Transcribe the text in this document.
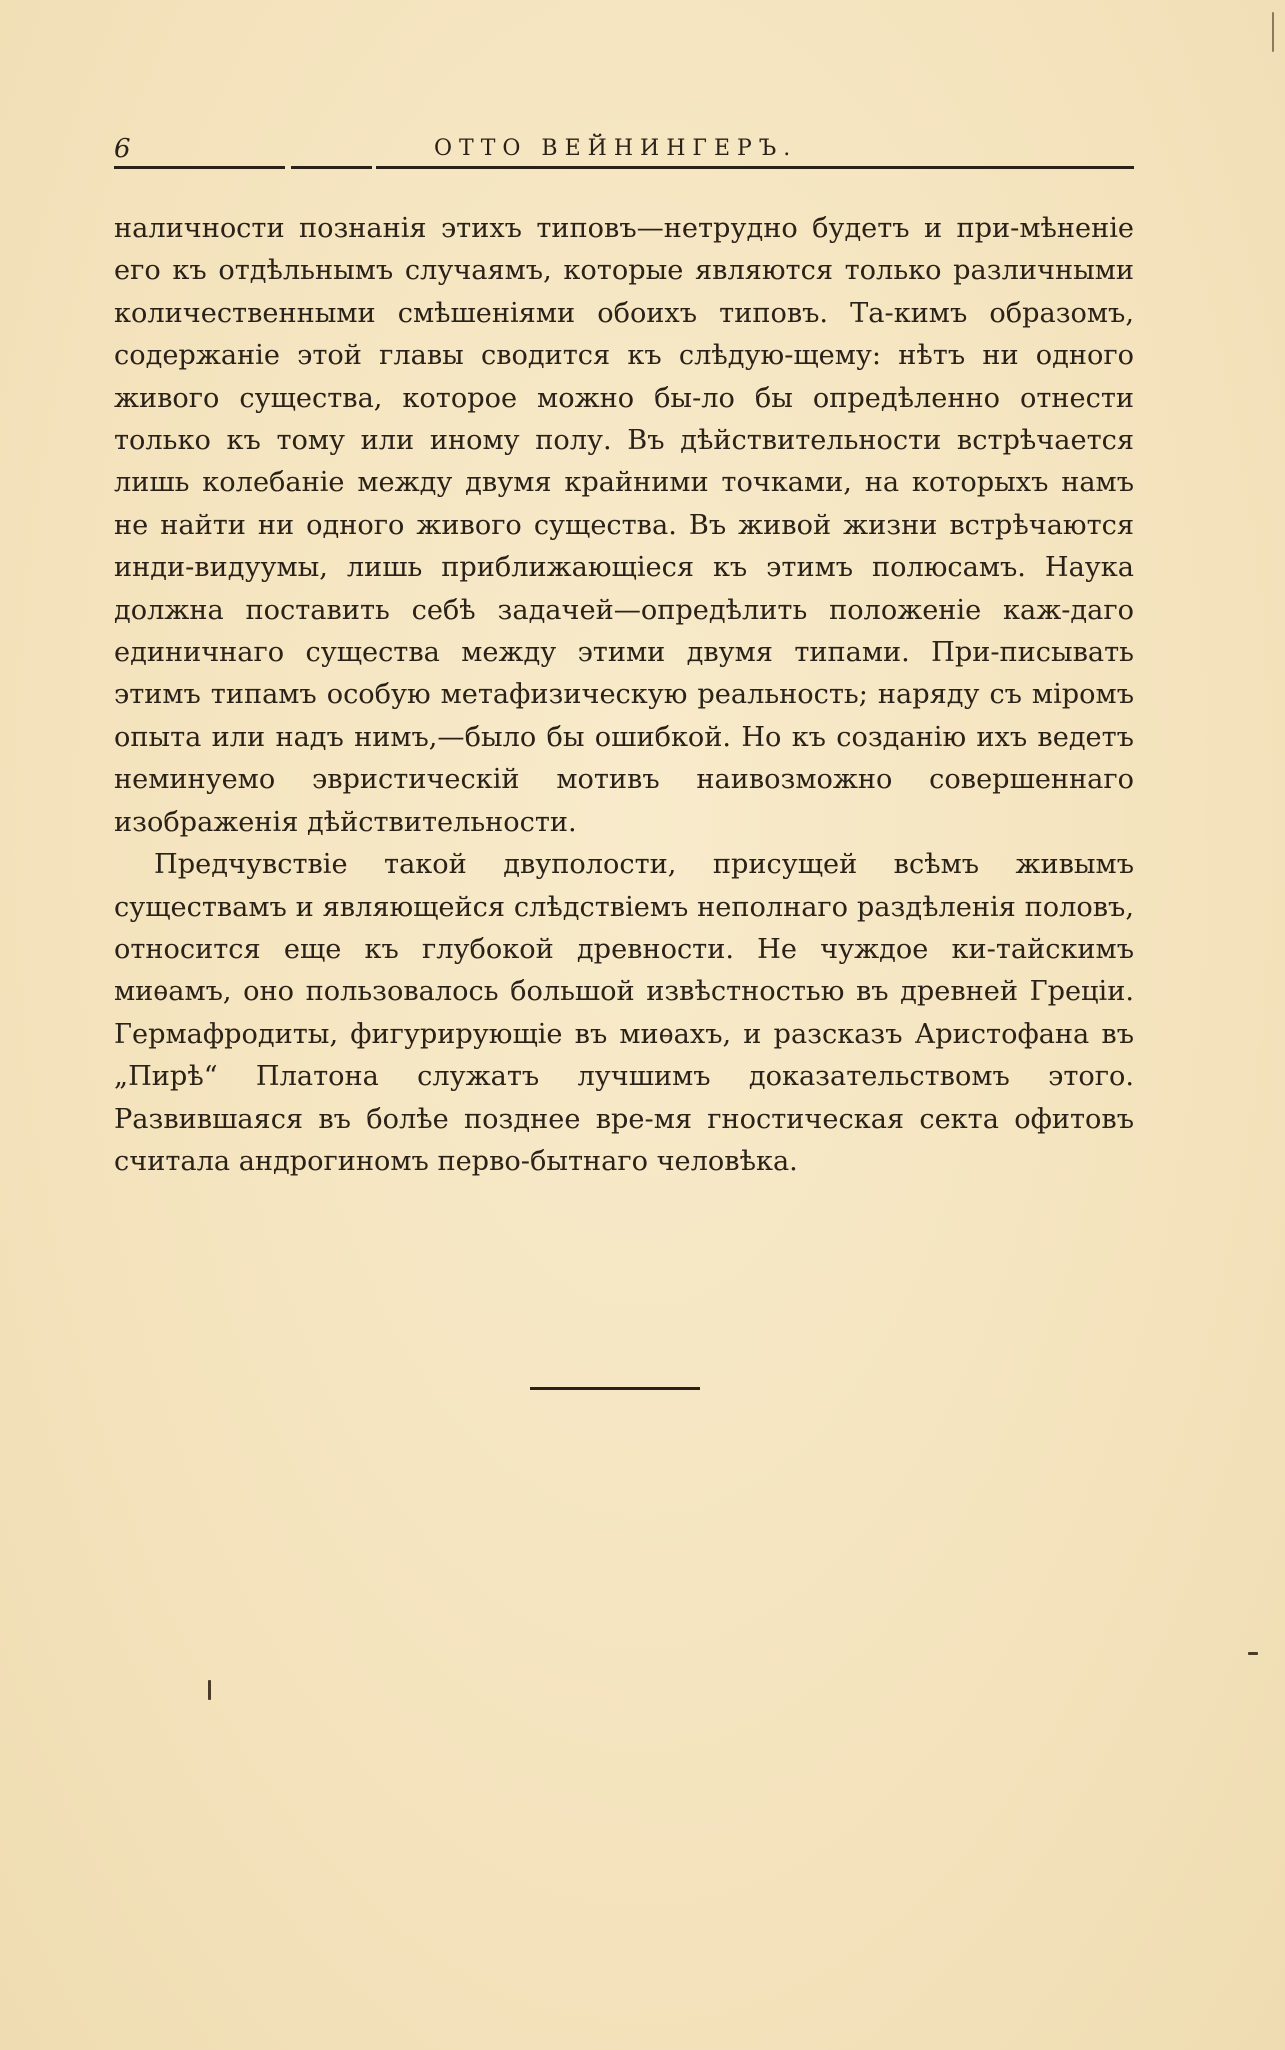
6	ОТТО ВЕЙНИНГЕРЪ.

наличности познанія этихъ типовъ—нетрудно будетъ и при-мѣненіе его къ отдѣльнымъ случаямъ, которые являются только различными количественными смѣшеніями обоихъ типовъ. Та-кимъ образомъ, содержаніе этой главы сводится къ слѣдую-щему: нѣтъ ни одного живого существа, которое можно бы-ло бы опредѣленно отнести только къ тому или иному полу. Въ дѣйствительности встрѣчается лишь колебаніе между двумя крайними точками, на которыхъ намъ не найти ни одного живого существа. Въ живой жизни встрѣчаются инди-видуумы, лишь приближающіеся къ этимъ полюсамъ. Наука должна поставить себѣ задачей—опредѣлить положеніе каж-даго единичнаго существа между этими двумя типами. При-писывать этимъ типамъ особую метафизическую реальность; наряду съ міромъ опыта или надъ нимъ,—было бы ошибкой. Но къ созданію ихъ ведетъ неминуемо эвристическій мотивъ наивозможно совершеннаго изображенія дѣйствительности.

Предчувствіе такой двуполости, присущей всѣмъ живымъ существамъ и являющейся слѣдствіемъ неполнаго раздѣленія половъ, относится еще къ глубокой древности. Не чуждое ки-тайскимъ миѳамъ, оно пользовалось большой извѣстностью въ древней Греціи. Гермафродиты, фигурирующіе въ миѳахъ, и разсказъ Аристофана въ „Пирѣ“ Платона служатъ лучшимъ доказательствомъ этого. Развившаяся въ болѣе позднее вре-мя гностическая секта офитовъ считала андрогиномъ перво-бытнаго человѣка.
